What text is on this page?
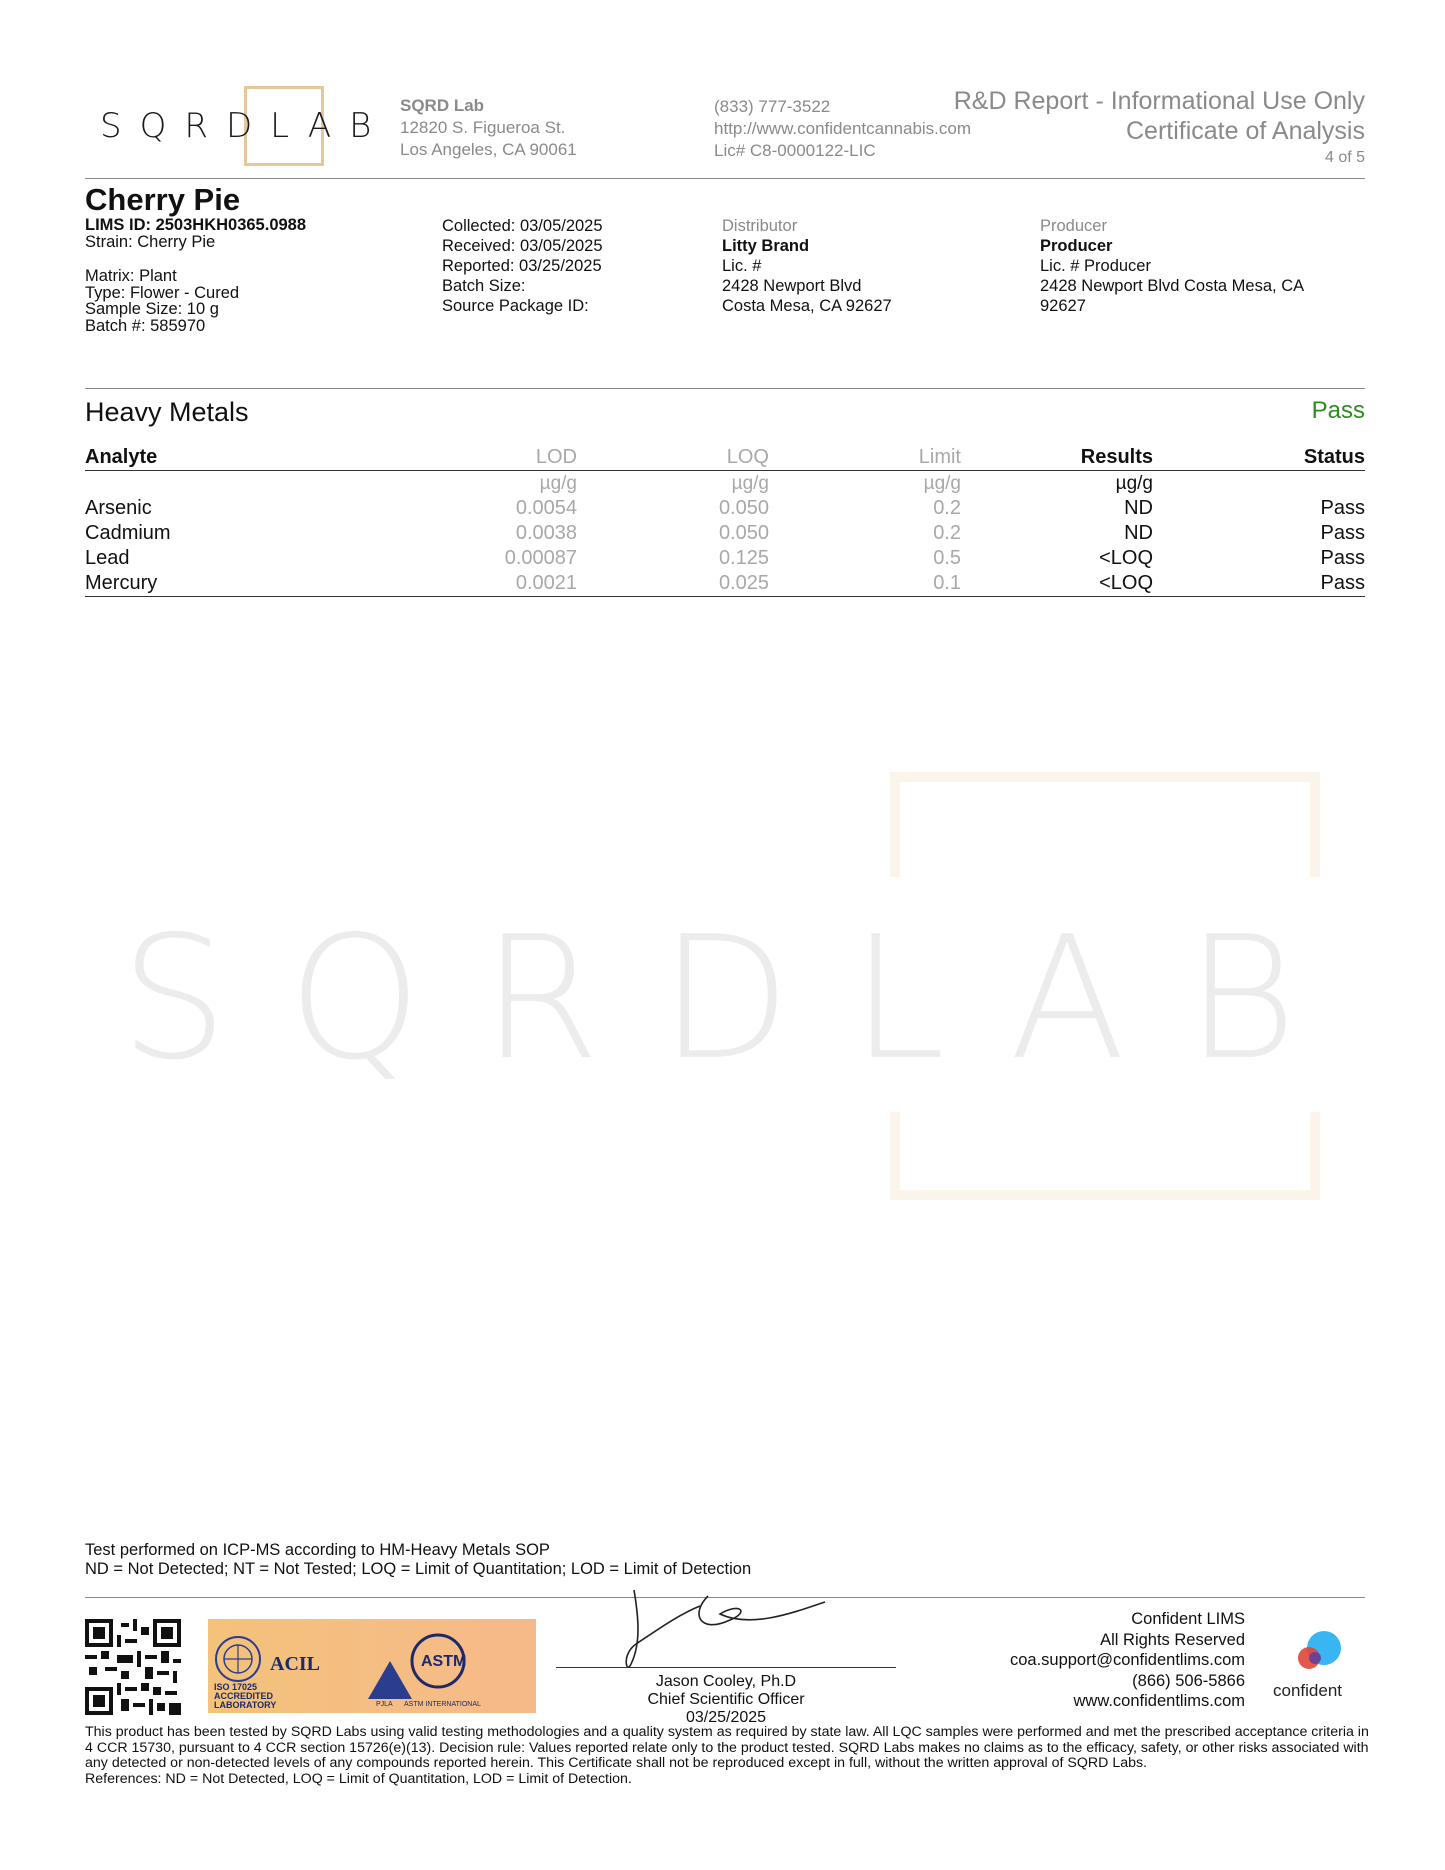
SQRDLAB
SQRD Lab
12820 S. Figueroa St.
Los Angeles, CA 90061
(833) 777-3522
http://www.confidentcannabis.com
Lic# C8-0000122-LIC
R&D Report - Informational Use Only
Certificate of Analysis
4 of 5
Cherry Pie
LIMS ID: 2503HKH0365.0988
Strain: Cherry Pie
Matrix: Plant
Type: Flower - Cured
Sample Size: 10 g
Batch #: 585970
Collected: 03/05/2025
Received: 03/05/2025
Reported: 03/25/2025
Batch Size:
Source Package ID:
Distributor
Litty Brand
Lic. #
2428 Newport Blvd
Costa Mesa, CA 92627
Producer
Producer
Lic. # Producer
2428 Newport Blvd Costa Mesa, CA
92627
Heavy Metals	Pass
Analyte	LOD	LOQ	Limit	Results	Status
	µg/g	µg/g	µg/g	µg/g	
Arsenic	0.0054	0.050	0.2	ND	Pass
Cadmium	0.0038	0.050	0.2	ND	Pass
Lead	0.00087	0.125	0.5	<LOQ	Pass
Mercury	0.0021	0.025	0.1	<LOQ	Pass
SQRDLAB
Test performed on ICP-MS according to HM-Heavy Metals SOP
ND = Not Detected; NT = Not Tested; LOQ = Limit of Quantitation; LOD = Limit of Detection
ISO 17025
ACCREDITED
LABORATORY
ACIL
PJLA
ASTM
ASTM INTERNATIONAL
Jason Cooley, Ph.D
Chief Scientific Officer
03/25/2025
Confident LIMS
All Rights Reserved
coa.support@confidentlims.com
(866) 506-5866
www.confidentlims.com
confident
This product has been tested by SQRD Labs using valid testing methodologies and a quality system as required by state law. All LQC samples were performed and met the prescribed acceptance criteria in 4 CCR 15730, pursuant to 4 CCR section 15726(e)(13). Decision rule: Values reported relate only to the product tested. SQRD Labs makes no claims as to the efficacy, safety, or other risks associated with any detected or non-detected levels of any compounds reported herein. This Certificate shall not be reproduced except in full, without the written approval of SQRD Labs.
References: ND = Not Detected, LOQ = Limit of Quantitation, LOD = Limit of Detection.
